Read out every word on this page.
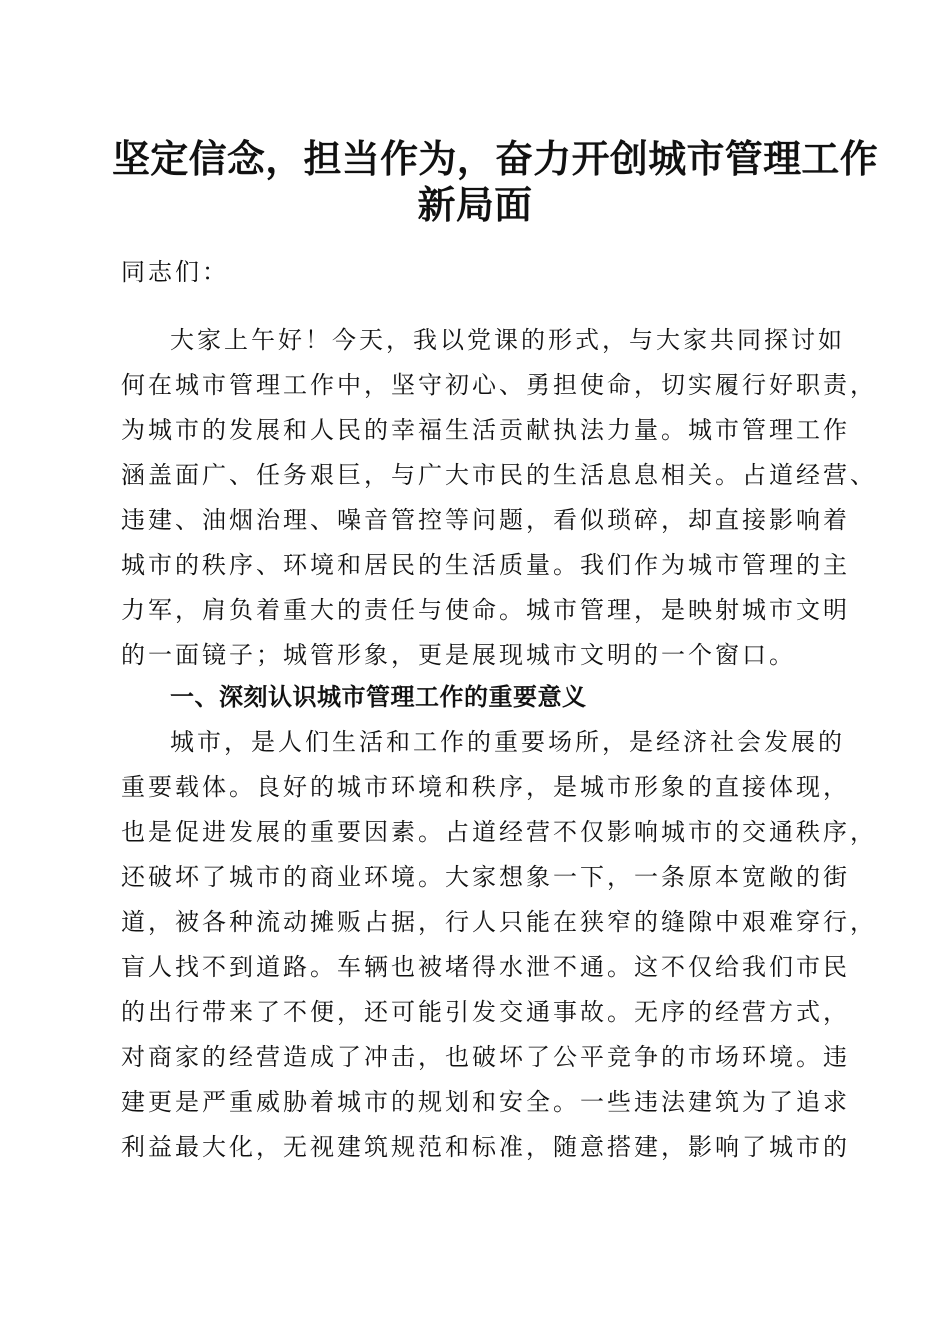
坚定信念，担当作为，奋力开创城市管理工作
新局面
同志们：
大家上午好！今天，我以党课的形式，与大家共同探讨如
何在城市管理工作中，坚守初心、勇担使命，切实履行好职责，
为城市的发展和人民的幸福生活贡献执法力量。城市管理工作
涵盖面广、任务艰巨，与广大市民的生活息息相关。占道经营、
违建、油烟治理、噪音管控等问题，看似琐碎，却直接影响着
城市的秩序、环境和居民的生活质量。我们作为城市管理的主
力军，肩负着重大的责任与使命。城市管理，是映射城市文明
的一面镜子；城管形象，更是展现城市文明的一个窗口。
一、深刻认识城市管理工作的重要意义
城市，是人们生活和工作的重要场所，是经济社会发展的
重要载体。良好的城市环境和秩序，是城市形象的直接体现，
也是促进发展的重要因素。占道经营不仅影响城市的交通秩序，
还破坏了城市的商业环境。大家想象一下，一条原本宽敞的街
道，被各种流动摊贩占据，行人只能在狭窄的缝隙中艰难穿行，
盲人找不到道路。车辆也被堵得水泄不通。这不仅给我们市民
的出行带来了不便，还可能引发交通事故。无序的经营方式，
对商家的经营造成了冲击，也破坏了公平竞争的市场环境。违
建更是严重威胁着城市的规划和安全。一些违法建筑为了追求
利益最大化，无视建筑规范和标准，随意搭建，影响了城市的
